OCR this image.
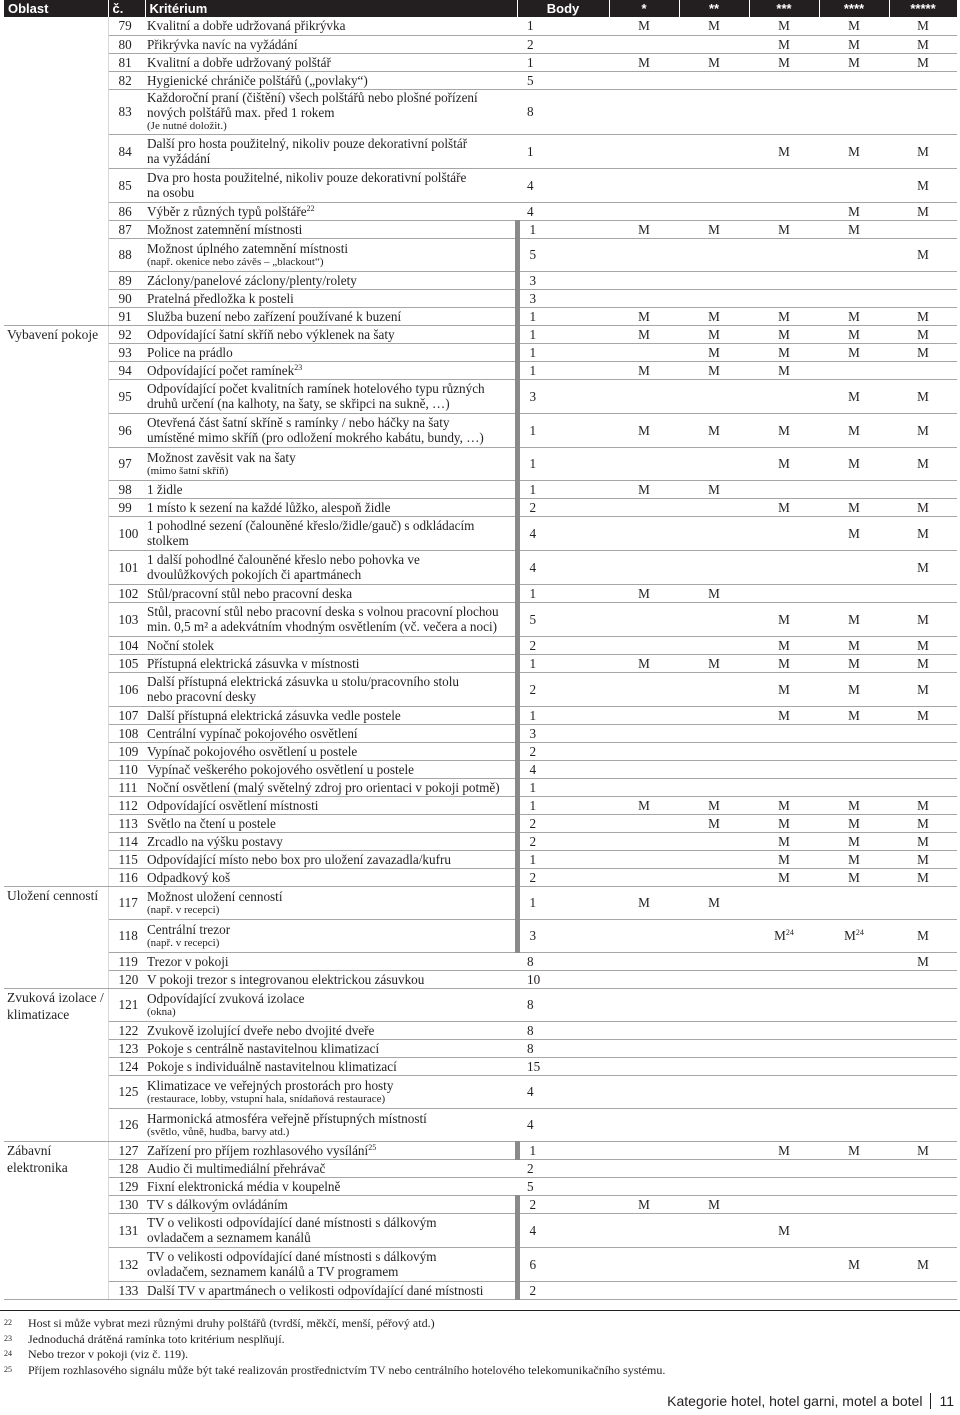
Oblast	č.	Kritérium	Body	*	**	***	****	*****
	79	Kvalitní a dobře udržovaná přikrývka	1	M	M	M	M	M
	80	Přikrývka navíc na vyžádání	2			M	M	M
	81	Kvalitní a dobře udržovaný polštář	1	M	M	M	M	M
	82	Hygienické chrániče polštářů („povlaky“)	5					
	83	Každoroční praní (čištění) všech polštářů nebo plošné pořízení
nových polštářů max. před 1 rokem
(Je nutné doložit.)	8					
	84	Další pro hosta použitelný, nikoliv pouze dekorativní polštář
na vyžádání	1			M	M	M
	85	Dva pro hosta použitelné, nikoliv pouze dekorativní polštáře
na osobu	4					M
	86	Výběr z různých typů polštáře$^{22}$	4				M	M
	87	Možnost zatemnění místnosti	1	M	M	M	M	
	88	Možnost úplného zatemnění místnosti
(např. okenice nebo závěs – „blackout“)	5					M
	89	Záclony/panelové záclony/plenty/rolety	3					
	90	Pratelná předložka k posteli	3					
	91	Služba buzení nebo zařízení používané k buzení	1	M	M	M	M	M
Vybavení pokoje	92	Odpovídající šatní skříň nebo výklenek na šaty	1	M	M	M	M	M
	93	Police na prádlo	1		M	M	M	M
	94	Odpovídající počet ramínek$^{23}$	1	M	M	M		
	95	Odpovídající počet kvalitních ramínek hotelového typu různých
druhů určení (na kalhoty, na šaty, se skřipci na sukně, …)	3				M	M
	96	Otevřená část šatní skříně s ramínky / nebo háčky na šaty
umístěné mimo skříň (pro odložení mokrého kabátu, bundy, …)	1	M	M	M	M	M
	97	Možnost zavěsit vak na šaty
(mimo šatní skříň)	1			M	M	M
	98	1 židle	1	M	M			
	99	1 místo k sezení na každé lůžko, alespoň židle	2			M	M	M
	100	1 pohodlné sezení (čalouněné křeslo/židle/gauč) s odkládacím
stolkem	4				M	M
	101	1 další pohodlné čalouněné křeslo nebo pohovka ve
dvoulůžkových pokojích či apartmánech	4					M
	102	Stůl/pracovní stůl nebo pracovní deska	1	M	M			
	103	Stůl, pracovní stůl nebo pracovní deska s volnou pracovní plochou
min. 0,5 m² a adekvátním vhodným osvětlením (vč. večera a noci)	5			M	M	M
	104	Noční stolek	2			M	M	M
	105	Přístupná elektrická zásuvka v místnosti	1	M	M	M	M	M
	106	Další přístupná elektrická zásuvka u stolu/pracovního stolu
nebo pracovní desky	2			M	M	M
	107	Další přístupná elektrická zásuvka vedle postele	1			M	M	M
	108	Centrální vypínač pokojového osvětlení	3					
	109	Vypínač pokojového osvětlení u postele	2					
	110	Vypínač veškerého pokojového osvětlení u postele	4					
	111	Noční osvětlení (malý světelný zdroj pro orientaci v pokoji potmě)	1					
	112	Odpovídající osvětlení místnosti	1	M	M	M	M	M
	113	Světlo na čtení u postele	2		M	M	M	M
	114	Zrcadlo na výšku postavy	2			M	M	M
	115	Odpovídající místo nebo box pro uložení zavazadla/kufru	1			M	M	M
	116	Odpadkový koš	2			M	M	M
Uložení cenností	117	Možnost uložení cenností
(např. v recepci)	1	M	M			
	118	Centrální trezor
(např. v recepci)	3			$M^{24}$	$M^{24}$	M
	119	Trezor v pokoji	8					M
	120	V pokoji trezor s integrovanou elektrickou zásuvkou	10					
Zvuková izolace / klimatizace	121	Odpovídající zvuková izolace
(okna)	8					
	122	Zvukově izolující dveře nebo dvojité dveře	8					
	123	Pokoje s centrálně nastavitelnou klimatizací	8					
	124	Pokoje s individuálně nastavitelnou klimatizací	15					
	125	Klimatizace ve veřejných prostorách pro hosty
(restaurace, lobby, vstupní hala, snídaňová restaurace)	4					
	126	Harmonická atmosféra veřejně přístupných místností
(světlo, vůně, hudba, barvy atd.)	4					
Zábavní elektronika	127	Zařízení pro příjem rozhlasového vysílání$^{25}$	1			M	M	M
	128	Audio či multimediální přehrávač	2					
	129	Fixní elektronická média v koupelně	5					
	130	TV s dálkovým ovládáním	2	M	M			
	131	TV o velikosti odpovídající dané místnosti s dálkovým
ovladačem a seznamem kanálů	4			M		
	132	TV o velikosti odpovídající dané místnosti s dálkovým
ovladačem, seznamem kanálů a TV programem	6				M	M
	133	Další TV v apartmánech o velikosti odpovídající dané místnosti	2					
22 Host si může vybrat mezi různými druhy polštářů (tvrdší, měkčí, menší, péřový atd.)
23 Jednoduchá drátěná ramínka toto kritérium nesplňují.
24 Nebo trezor v pokoji (viz č. 119).
25 Příjem rozhlasového signálu může být také realizován prostřednictvím TV nebo centrálního hotelového telekomunikačního systému.
Kategorie hotel, hotel garni, motel a botel 11
